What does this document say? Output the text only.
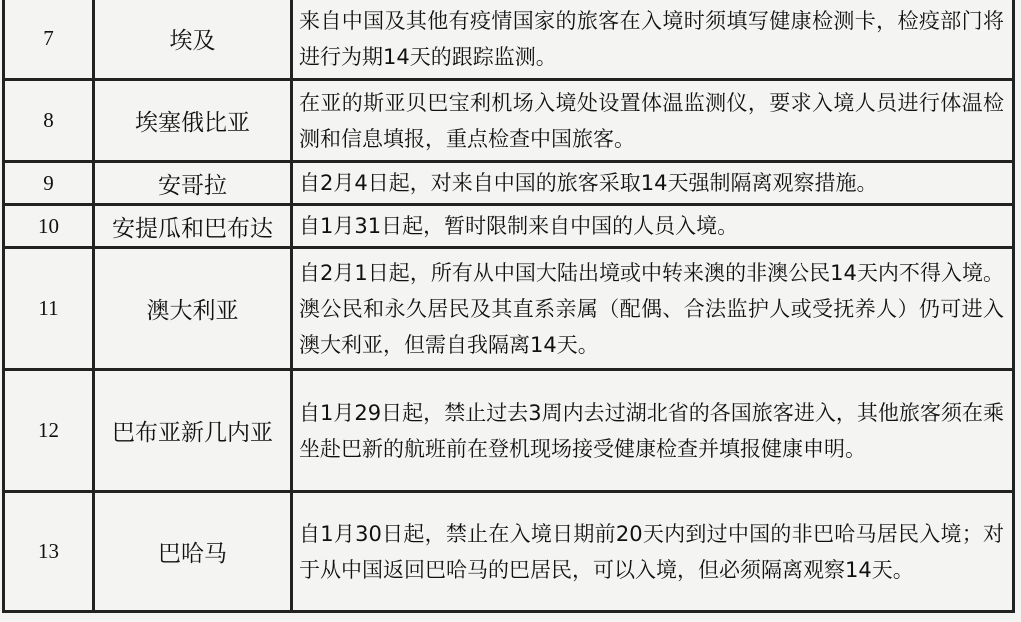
7	埃及	来自中国及其他有疫情国家的旅客在入境时须填写健康检测卡，检疫部门将进行为期14天的跟踪监测。
8	埃塞俄比亚	在亚的斯亚贝巴宝利机场入境处设置体温监测仪，要求入境人员进行体温检测和信息填报，重点检查中国旅客。
9	安哥拉	自2月4日起，对来自中国的旅客采取14天强制隔离观察措施。
10	安提瓜和巴布达	自1月31日起，暂时限制来自中国的人员入境。
11	澳大利亚	自2月1日起，所有从中国大陆出境或中转来澳的非澳公民14天内不得入境。澳公民和永久居民及其直系亲属（配偶、合法监护人或受抚养人）仍可进入澳大利亚，但需自我隔离14天。
12	巴布亚新几内亚	自1月29日起，禁止过去3周内去过湖北省的各国旅客进入，其他旅客须在乘坐赴巴新的航班前在登机现场接受健康检查并填报健康申明。
13	巴哈马	自1月30日起，禁止在入境日期前20天内到过中国的非巴哈马居民入境；对于从中国返回巴哈马的巴居民，可以入境，但必须隔离观察14天。
